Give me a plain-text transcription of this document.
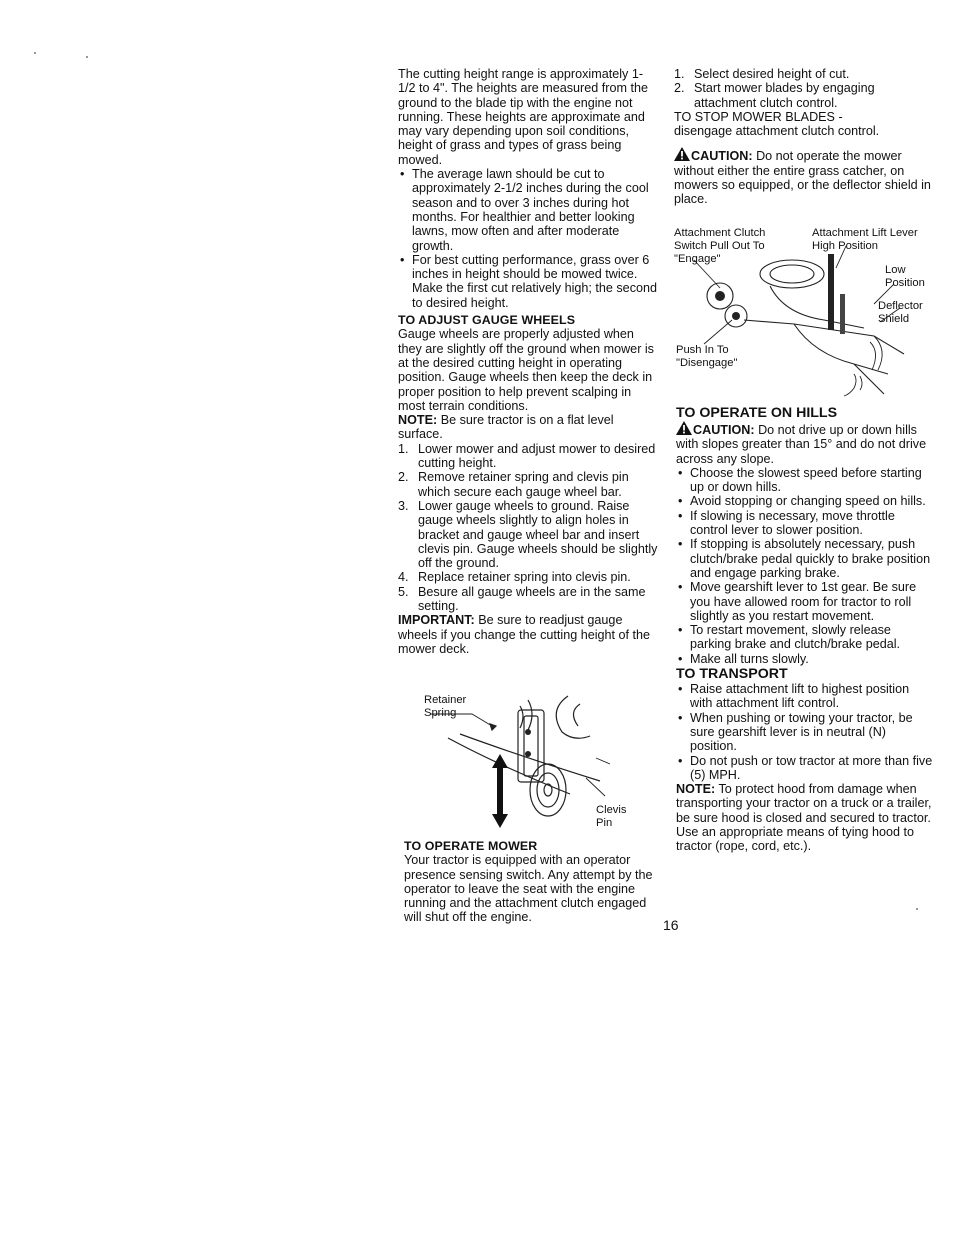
The cutting height range is approximately 1-1/2 to 4". The heights are measured from the ground to the blade tip with the engine not running. These heights are approximate and may vary depending upon soil conditions, height of grass and types of grass being mowed.

• The average lawn should be cut to approximately 2-1/2 inches during the cool season and to over 3 inches during hot months. For healthier and better looking lawns, mow often and after moderate growth.
• For best cutting performance, grass over 6 inches in height should be mowed twice. Make the first cut relatively high; the second to desired height.

TO ADJUST GAUGE WHEELS

Gauge wheels are properly adjusted when they are slightly off the ground when mower is at the desired cutting height in operating position. Gauge wheels then keep the deck in proper position to help prevent scalping in most terrain conditions.

NOTE: Be sure tractor is on a flat level surface.

1. Lower mower and adjust mower to desired cutting height.
2. Remove retainer spring and clevis pin which secure each gauge wheel bar.
3. Lower gauge wheels to ground. Raise gauge wheels slightly to align holes in bracket and gauge wheel bar and insert clevis pin. Gauge wheels should be slightly off the ground.
4. Replace retainer spring into clevis pin.
5. Besure all gauge wheels are in the same setting.

IMPORTANT: Be sure to readjust gauge wheels if you change the cutting height of the mower deck.

Retainer
Spring
Clevis
Pin

TO OPERATE MOWER

Your tractor is equipped with an operator presence sensing switch. Any attempt by the operator to leave the seat with the engine running and the attachment clutch engaged will shut off the engine.

1. Select desired height of cut.
2. Start mower blades by engaging attachment clutch control.

TO STOP MOWER BLADES -

disengage attachment clutch control.

CAUTION: Do not operate the mower without either the entire grass catcher, on mowers so equipped, or the deflector shield in place.

Attachment Clutch
Switch Pull Out To
"Engage"
Attachment Lift Lever
High Position
Low
Position
Deflector
Shield
Push In To
"Disengage"

TO OPERATE ON HILLS

CAUTION: Do not drive up or down hills with slopes greater than 15° and do not drive across any slope.

• Choose the slowest speed before starting up or down hills.
• Avoid stopping or changing speed on hills.
• If slowing is necessary, move throttle control lever to slower position.
• If stopping is absolutely necessary, push clutch/brake pedal quickly to brake position and engage parking brake.
• Move gearshift lever to 1st gear. Be sure you have allowed room for tractor to roll slightly as you restart movement.
• To restart movement, slowly release parking brake and clutch/brake pedal.
• Make all turns slowly.

TO TRANSPORT

• Raise attachment lift to highest position with attachment lift control.
• When pushing or towing your tractor, be sure gearshift lever is in neutral (N) position.
• Do not push or tow tractor at more than five (5) MPH.

NOTE: To protect hood from damage when transporting your tractor on a truck or a trailer, be sure hood is closed and secured to tractor. Use an appropriate means of tying hood to tractor (rope, cord, etc.).

16
